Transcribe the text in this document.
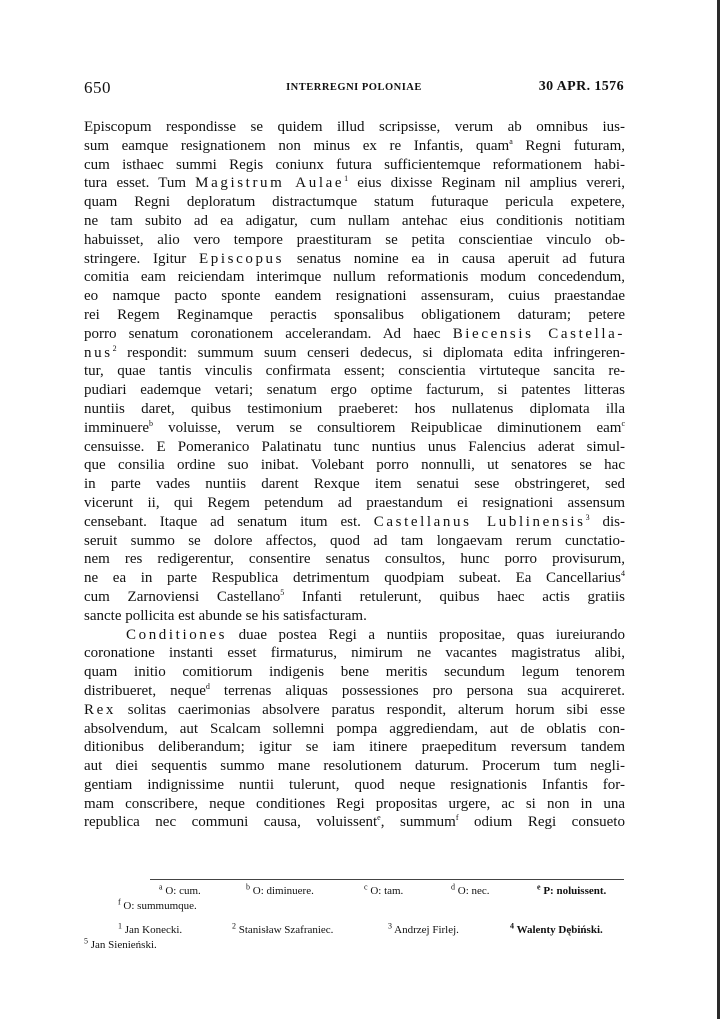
650	INTERREGNI POLONIAE	30 APR. 1576
Episcopum respondisse se quidem illud scripsisse, verum ab omnibus ius-
sum eamque resignationem non minus ex re Infantis, quam$^a$ Regni futuram,
cum isthaec summi Regis coniunx futura sufficientemque reformationem habi-
tura esset. Tum Magistrum Aulae$^1$ eius dixisse Reginam nil amplius vereri,
quam Regni deploratum distractumque statum futuraque pericula expetere,
ne tam subito ad ea adigatur, cum nullam antehac eius conditionis notitiam
habuisset, alio vero tempore praestituram se petita conscientiae vinculo ob-
stringere. Igitur Episcopus senatus nomine ea in causa aperuit ad futura
comitia eam reiciendam interimque nullum reformationis modum concedendum,
eo namque pacto sponte eandem resignationi assensuram, cuius praestandae
rei Regem Reginamque peractis sponsalibus obligationem daturam; petere
porro senatum coronationem accelerandam. Ad haec Biecensis Castella-
nus$^2$ respondit: summum suum censeri dedecus, si diplomata edita infringeren-
tur, quae tantis vinculis confirmata essent; conscientia virtuteque sancita re-
pudiari eademque vetari; senatum ergo optime facturum, si patentes litteras
nuntiis daret, quibus testimonium praeberet: hos nullatenus diplomata illa
imminuere$^b$ voluisse, verum se consultiorem Reipublicae diminutionem eam$^c$
censuisse. E Pomeranico Palatinatu tunc nuntius unus Falencius aderat simul-
que consilia ordine suo inibat. Volebant porro nonnulli, ut senatores se hac
in parte vades nuntiis darent Rexque item senatui sese obstringeret, sed
vicerunt ii, qui Regem petendum ad praestandum ei resignationi assensum
censebant. Itaque ad senatum itum est. Castellanus Lublinensis$^3$ dis-
seruit summo se dolore affectos, quod ad tam longaevam rerum cunctatio-
nem res redigerentur, consentire senatus consultos, hunc porro provisurum,
ne ea in parte Respublica detrimentum quodpiam subeat. Ea Cancellarius$^4$
cum Zarnoviensi Castellano$^5$ Infanti retulerunt, quibus haec actis gratiis
sancte pollicita est abunde se his satisfacturam.
Conditiones duae postea Regi a nuntiis propositae, quas iureiurando
coronatione instanti esset firmaturus, nimirum ne vacantes magistratus alibi,
quam initio comitiorum indigenis bene meritis secundum legum tenorem
distribueret, neque$^d$ terrenas aliquas possessiones pro persona sua acquireret.
Rex solitas caerimonias absolvere paratus respondit, alterum horum sibi esse
absolvendum, aut Scalcam sollemni pompa aggrediendam, aut de oblatis con-
ditionibus deliberandum; igitur se iam itinere praepeditum reversum tandem
aut diei sequentis summo mane resolutionem daturum. Procerum tum negli-
gentiam indignissime nuntii tulerunt, quod neque resignationis Infantis for-
mam conscribere, neque conditiones Regi propositas urgere, ac si non in una
republica nec communi causa, voluissent$^e$, summum$^f$ odium Regi consueto
$^a$ O: cum.	$^b$ O: diminuere.	$^c$ O: tam.	$^d$ O: nec.	$^e$ P: noluissent.
$^f$ O: summumque.
$^1$ Jan Konecki.	$^2$ Stanisław Szafraniec.	$^3$ Andrzej Firlej.	$^4$ Walenty Dębiński.
$^5$ Jan Sienieński.
